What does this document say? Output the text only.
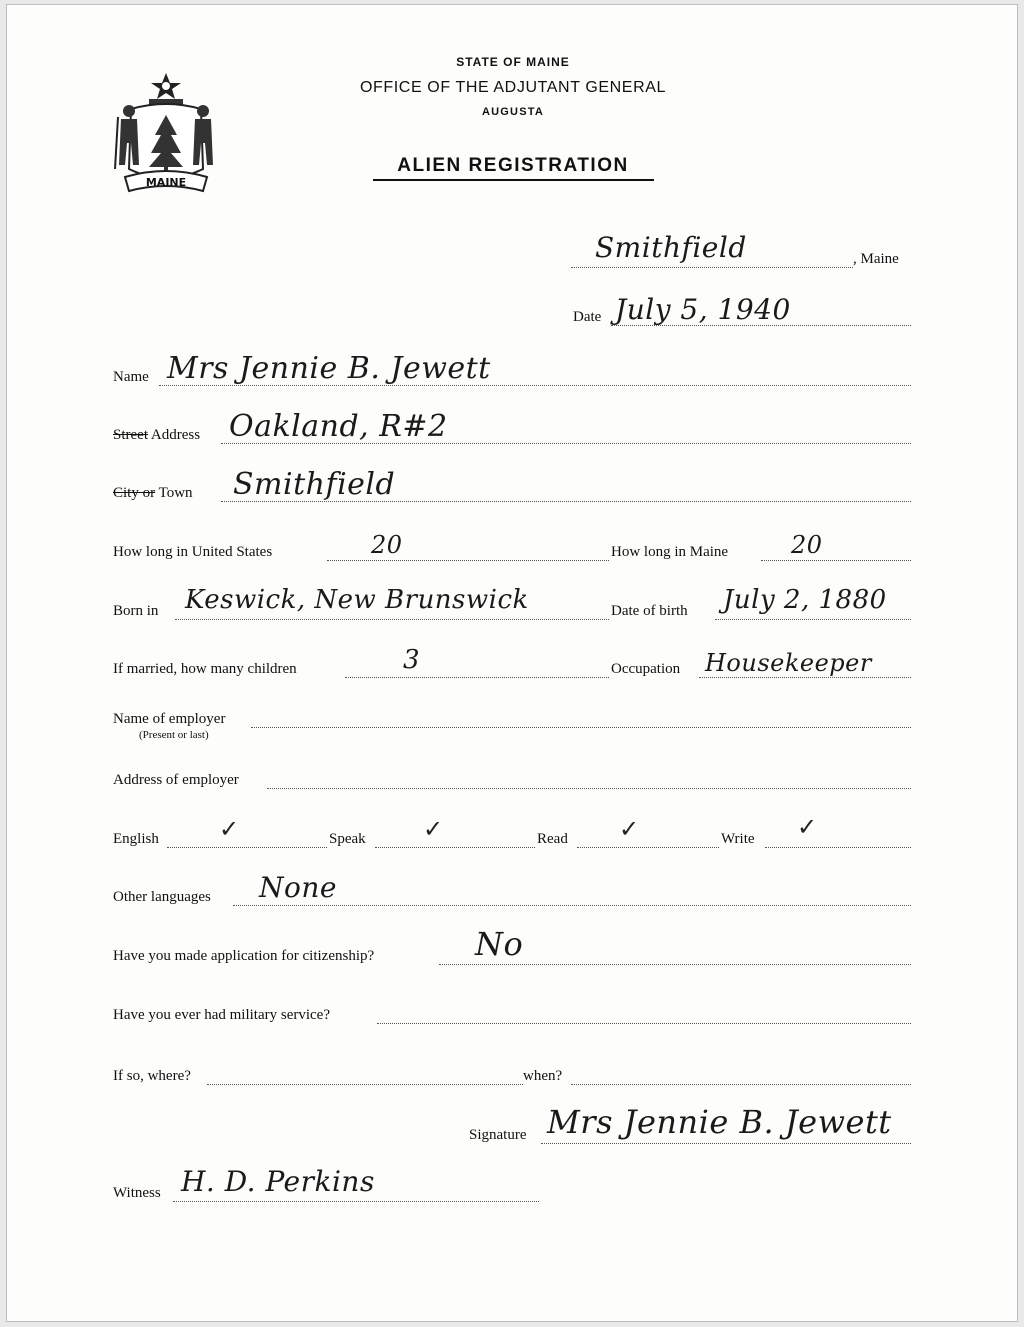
MAINE
STATE OF MAINE
OFFICE OF THE ADJUTANT GENERAL
AUGUSTA
ALIEN REGISTRATION
Smithfield	, Maine
Date July 5, 1940
Name Mrs Jennie B. Jewett
Street Address Oakland, R#2
City or Town Smithfield
How long in United States	20	How long in Maine	20
Born in Keswick, New Brunswick	Date of birth July 2, 1880
If married, how many children	3	Occupation Housekeeper
Name of employer
(Present or last)
Address of employer
English	✓	Speak ✓	Read ✓	Write ✓
Other languages None
Have you made application for citizenship?	No
Have you ever had military service?
If so, where?	when?
Signature Mrs Jennie B. Jewett
Witness H. D. Perkins
